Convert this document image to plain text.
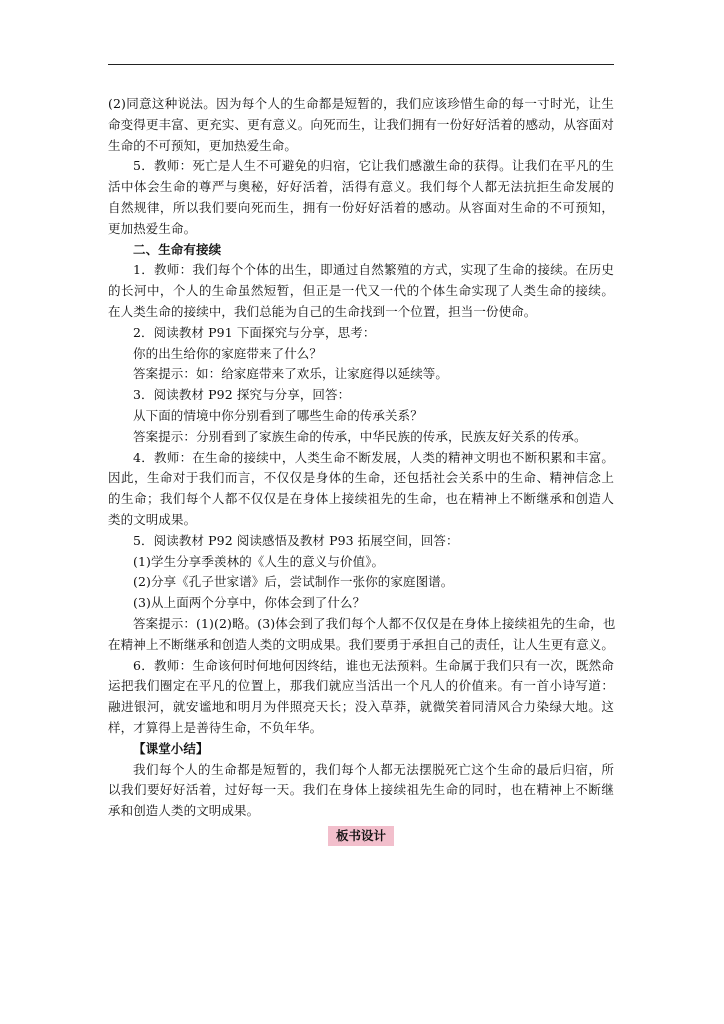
(2)同意这种说法。因为每个人的生命都是短暂的，我们应该珍惜生命的每一寸时光，让生
命变得更丰富、更充实、更有意义。向死而生，让我们拥有一份好好活着的感动，从容面对
生命的不可预知，更加热爱生命。
5．教师：死亡是人生不可避免的归宿，它让我们感激生命的获得。让我们在平凡的生
活中体会生命的尊严与奥秘，好好活着，活得有意义。我们每个人都无法抗拒生命发展的
自然规律，所以我们要向死而生，拥有一份好好活着的感动。从容面对生命的不可预知，
更加热爱生命。
二、生命有接续
1．教师：我们每个个体的出生，即通过自然繁殖的方式，实现了生命的接续。在历史
的长河中，个人的生命虽然短暂，但正是一代又一代的个体生命实现了人类生命的接续。
在人类生命的接续中，我们总能为自己的生命找到一个位置，担当一份使命。
2．阅读教材 P91 下面探究与分享，思考：
你的出生给你的家庭带来了什么？
答案提示：如：给家庭带来了欢乐，让家庭得以延续等。
3．阅读教材 P92 探究与分享，回答：
从下面的情境中你分别看到了哪些生命的传承关系？
答案提示：分别看到了家族生命的传承，中华民族的传承，民族友好关系的传承。
4．教师：在生命的接续中，人类生命不断发展，人类的精神文明也不断积累和丰富。
因此，生命对于我们而言，不仅仅是身体的生命，还包括社会关系中的生命、精神信念上
的生命；我们每个人都不仅仅是在身体上接续祖先的生命，也在精神上不断继承和创造人
类的文明成果。
5．阅读教材 P92 阅读感悟及教材 P93 拓展空间，回答：
(1)学生分享季羡林的《人生的意义与价值》。
(2)分享《孔子世家谱》后，尝试制作一张你的家庭图谱。
(3)从上面两个分享中，你体会到了什么？
答案提示：(1)(2)略。(3)体会到了我们每个人都不仅仅是在身体上接续祖先的生命，也
在精神上不断继承和创造人类的文明成果。我们要勇于承担自己的责任，让人生更有意义。
6．教师：生命该何时何地何因终结，谁也无法预料。生命属于我们只有一次，既然命
运把我们圈定在平凡的位置上，那我们就应当活出一个凡人的价值来。有一首小诗写道：
融进银河，就安谧地和明月为伴照亮天长；没入草莽，就微笑着同清风合力染绿大地。这
样，才算得上是善待生命，不负年华。
【课堂小结】
我们每个人的生命都是短暂的，我们每个人都无法摆脱死亡这个生命的最后归宿，所
以我们要好好活着，过好每一天。我们在身体上接续祖先生命的同时，也在精神上不断继
承和创造人类的文明成果。
板书设计
